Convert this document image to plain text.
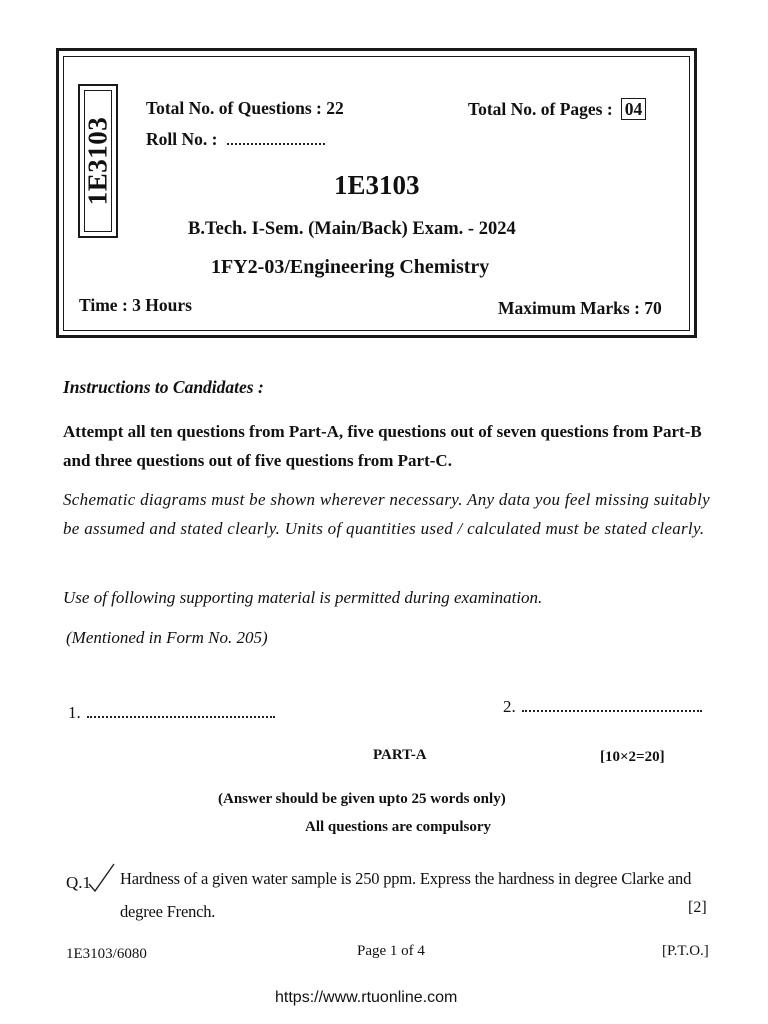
1E3103
Total No. of Questions : 22	Total No. of Pages : 04
Roll No. :
1E3103
B.Tech. I-Sem. (Main/Back) Exam. - 2024
1FY2-03/Engineering Chemistry
Time : 3 Hours	Maximum Marks : 70
Instructions to Candidates :
Attempt all ten questions from Part-A, five questions out of seven questions from Part-B and three questions out of five questions from Part-C.
Schematic diagrams must be shown wherever necessary. Any data you feel missing suitably be assumed and stated clearly. Units of quantities used / calculated must be stated clearly.
Use of following supporting material is permitted during examination.
(Mentioned in Form No. 205)
1.	2.
PART-A	[10×2=20]
(Answer should be given upto 25 words only)
All questions are compulsory
Q.1 Hardness of a given water sample is 250 ppm. Express the hardness in degree Clarke and degree French.	[2]
1E3103/6080	Page 1 of 4	[P.T.O.]
https://www.rtuonline.com
